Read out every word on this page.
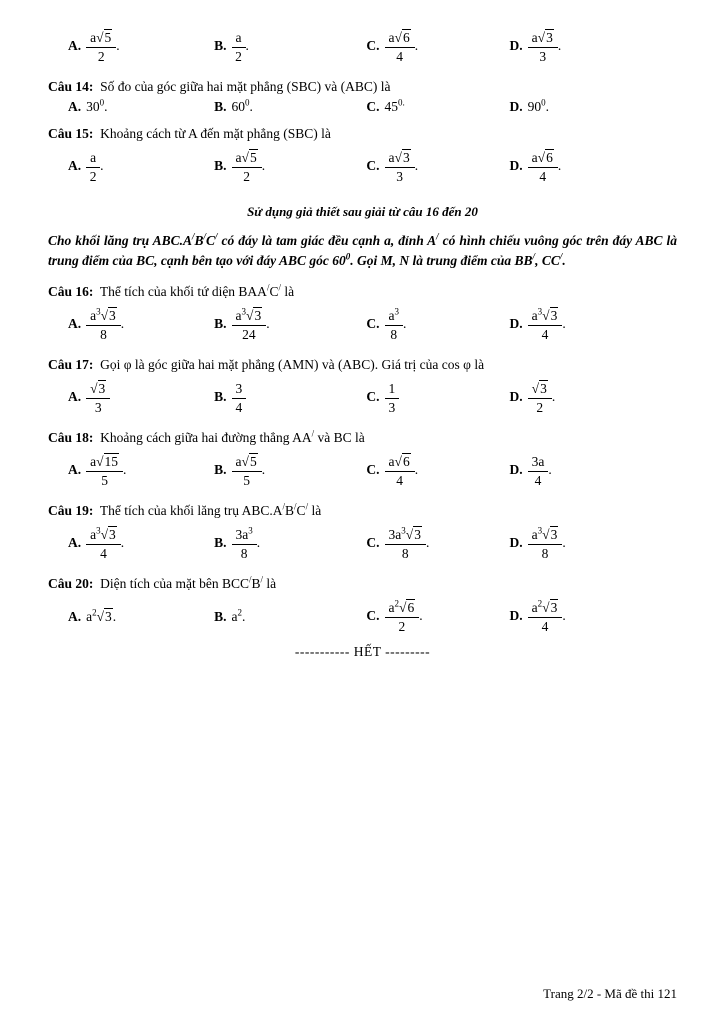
A. $\frac{a√5}{2}$ .	B. $\frac{a}{2}$ .	C. $\frac{a√6}{4}$ .	D. $\frac{a√3}{3}$ .
Câu 14: Số đo của góc giữa hai mặt phẳng (SBC) và (ABC) là
A. $30^0$.	B. $60^0$.	C. $45^{0.}$	D. $90^0$.
Câu 15: Khoảng cách từ A đến mặt phẳng (SBC) là
A. $\frac{a}{2}$ .	B. $\frac{a√5}{2}$ .	C. $\frac{a√3}{3}$ .	D. $\frac{a√6}{4}$ .
Sử dụng giả thiết sau giải từ câu 16 đến 20
Cho khối lăng trụ ABC.A/B/C/ có đáy là tam giác đều cạnh a, đỉnh A/ có hình chiếu vuông góc trên đáy ABC là trung điểm của BC, cạnh bên tạo với đáy ABC góc $60^0$. Gọi M, N là trung điểm của BB/, CC/.
Câu 16: Thể tích của khối tứ diện BAA/C/ là
A. $\frac{a^3√3}{8}$ .	B. $\frac{a^3√3}{24}$ .	C. $\frac{a^3}{8}$ .	D. $\frac{a^3√3}{4}$ .
Câu 17: Gọi φ là góc giữa hai mặt phẳng (AMN) và (ABC). Giá trị của cos φ là
A. $\frac{√3}{3}$	B. $\frac{3}{4}$	C. $\frac{1}{3}$	D. $\frac{√3}{2}$ .
Câu 18: Khoảng cách giữa hai đường thẳng AA/ và BC là
A. $\frac{a√15}{5}$ .	B. $\frac{a√5}{5}$ .	C. $\frac{a√6}{4}$ .	D. $\frac{3a}{4}$ .
Câu 19: Thể tích của khối lăng trụ ABC.A/B/C/ là
A. $\frac{a^3√3}{4}$ .	B. $\frac{3a^3}{8}$ .	C. $\frac{3a^3√3}{8}$ .	D. $\frac{a^3√3}{8}$ .
Câu 20: Diện tích của mặt bên BCC/B/ là
A. $a^2√3$.	B. $a^2$.	C. $\frac{a^2√6}{2}$ .	D. $\frac{a^2√3}{4}$ .
----------- HẾT ---------
Trang 2/2 - Mã đề thi 121
